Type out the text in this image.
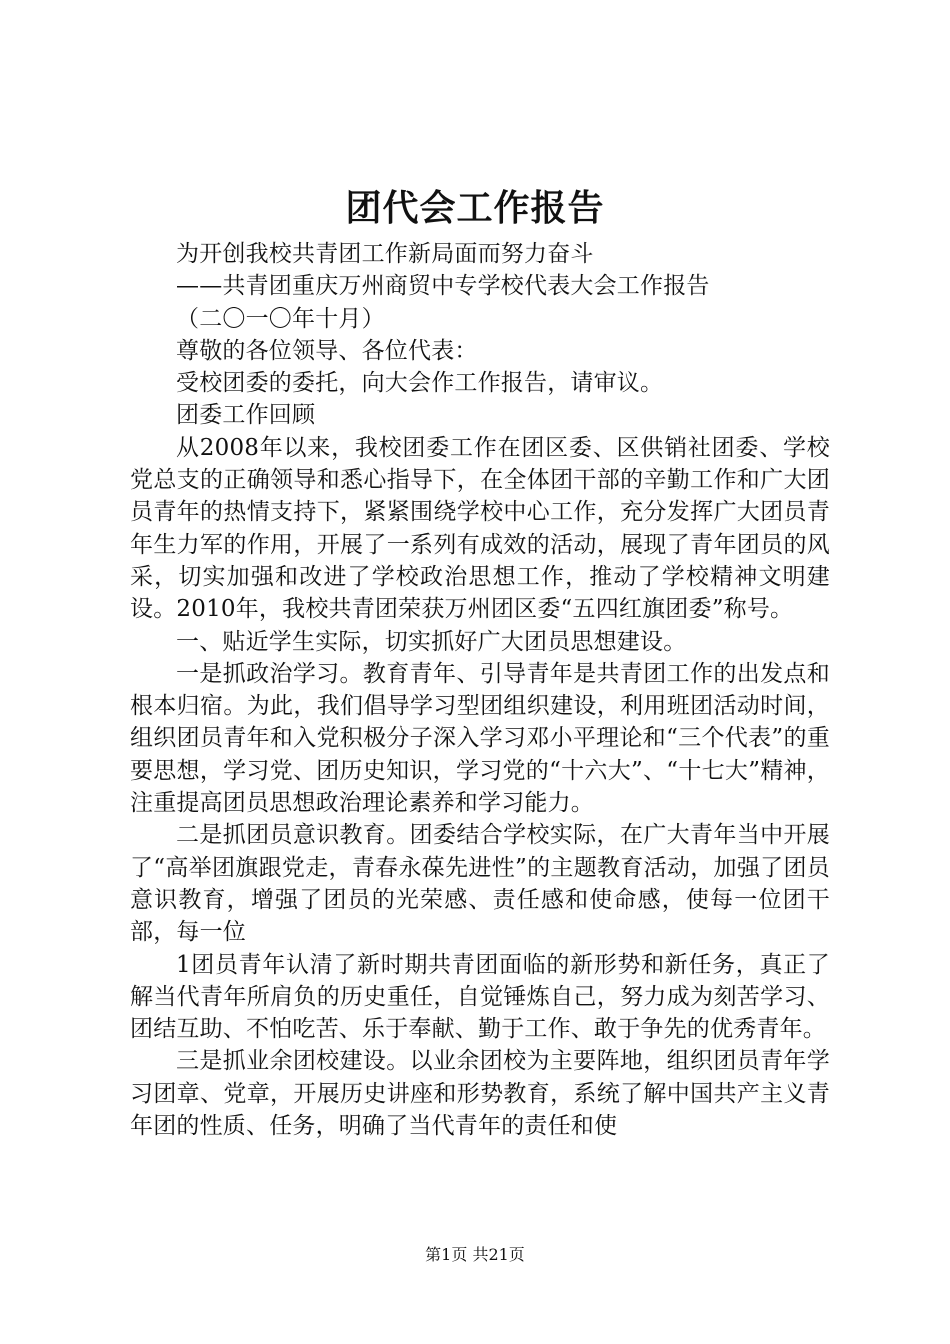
团代会工作报告

为开创我校共青团工作新局面而努力奋斗

——共青团重庆万州商贸中专学校代表大会工作报告

（二〇一〇年十月）

尊敬的各位领导、各位代表：

受校团委的委托，向大会作工作报告，请审议。

团委工作回顾

从2008年以来，我校团委工作在团区委、区供销社团委、学校党总支的正确领导和悉心指导下，在全体团干部的辛勤工作和广大团员青年的热情支持下，紧紧围绕学校中心工作，充分发挥广大团员青年生力军的作用，开展了一系列有成效的活动，展现了青年团员的风采，切实加强和改进了学校政治思想工作，推动了学校精神文明建设。2010年，我校共青团荣获万州团区委“五四红旗团委”称号。

一、贴近学生实际，切实抓好广大团员思想建设。

一是抓政治学习。教育青年、引导青年是共青团工作的出发点和根本归宿。为此，我们倡导学习型团组织建设，利用班团活动时间，组织团员青年和入党积极分子深入学习邓小平理论和“三个代表”的重要思想，学习党、团历史知识，学习党的“十六大”、“十七大”精神，注重提高团员思想政治理论素养和学习能力。

二是抓团员意识教育。团委结合学校实际，在广大青年当中开展了“高举团旗跟党走，青春永葆先进性”的主题教育活动，加强了团员意识教育，增强了团员的光荣感、责任感和使命感，使每一位团干部，每一位

1团员青年认清了新时期共青团面临的新形势和新任务，真正了解当代青年所肩负的历史重任，自觉锤炼自己，努力成为刻苦学习、团结互助、不怕吃苦、乐于奉献、勤于工作、敢于争先的优秀青年。

三是抓业余团校建设。以业余团校为主要阵地，组织团员青年学习团章、党章，开展历史讲座和形势教育，系统了解中国共产主义青年团的性质、任务，明确了当代青年的责任和使

第1页 共21页
